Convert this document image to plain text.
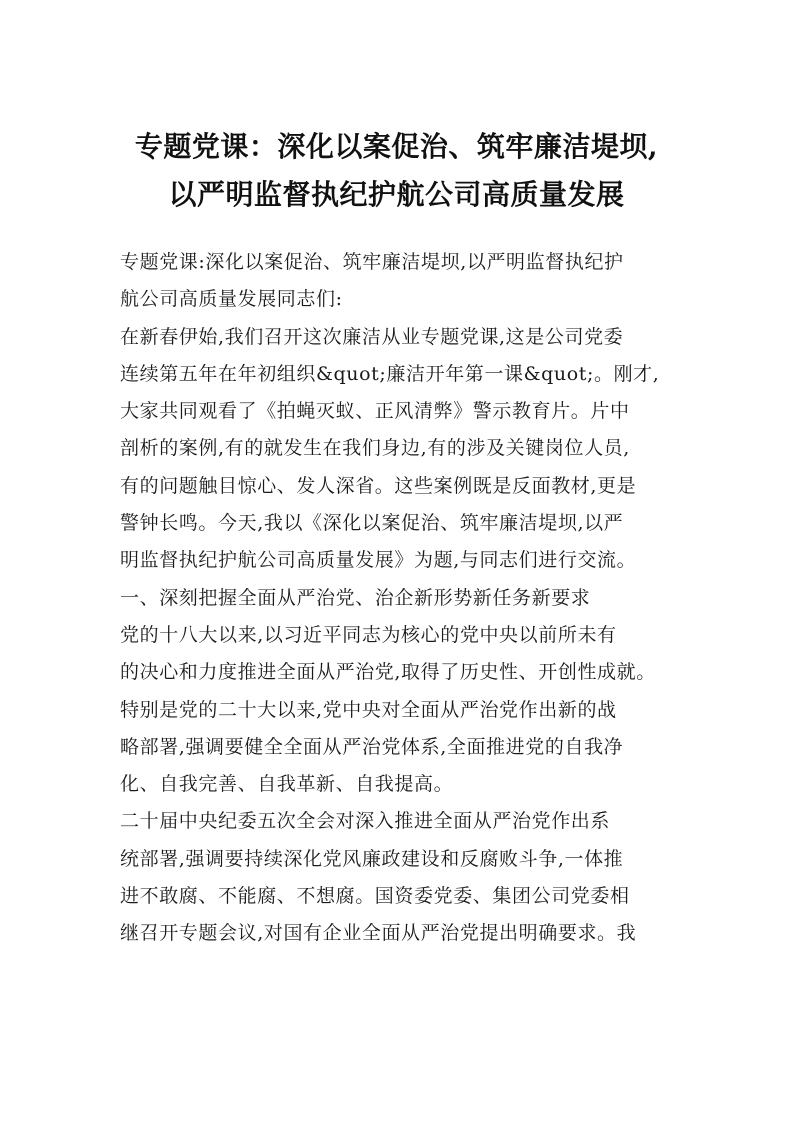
专题党课：深化以案促治、筑牢廉洁堤坝,
以严明监督执纪护航公司高质量发展
专题党课:深化以案促治、筑牢廉洁堤坝,以严明监督执纪护
航公司高质量发展同志们:
在新春伊始,我们召开这次廉洁从业专题党课,这是公司党委
连续第五年在年初组织&quot;廉洁开年第一课&quot;。刚才,
大家共同观看了《拍蝇灭蚁、正风清弊》警示教育片。片中
剖析的案例,有的就发生在我们身边,有的涉及关键岗位人员,
有的问题触目惊心、发人深省。这些案例既是反面教材,更是
警钟长鸣。今天,我以《深化以案促治、筑牢廉洁堤坝,以严
明监督执纪护航公司高质量发展》为题,与同志们进行交流。
一、深刻把握全面从严治党、治企新形势新任务新要求
党的十八大以来,以习近平同志为核心的党中央以前所未有
的决心和力度推进全面从严治党,取得了历史性、开创性成就。
特别是党的二十大以来,党中央对全面从严治党作出新的战
略部署,强调要健全全面从严治党体系,全面推进党的自我净
化、自我完善、自我革新、自我提高。
二十届中央纪委五次全会对深入推进全面从严治党作出系
统部署,强调要持续深化党风廉政建设和反腐败斗争,一体推
进不敢腐、不能腐、不想腐。国资委党委、集团公司党委相
继召开专题会议,对国有企业全面从严治党提出明确要求。我
